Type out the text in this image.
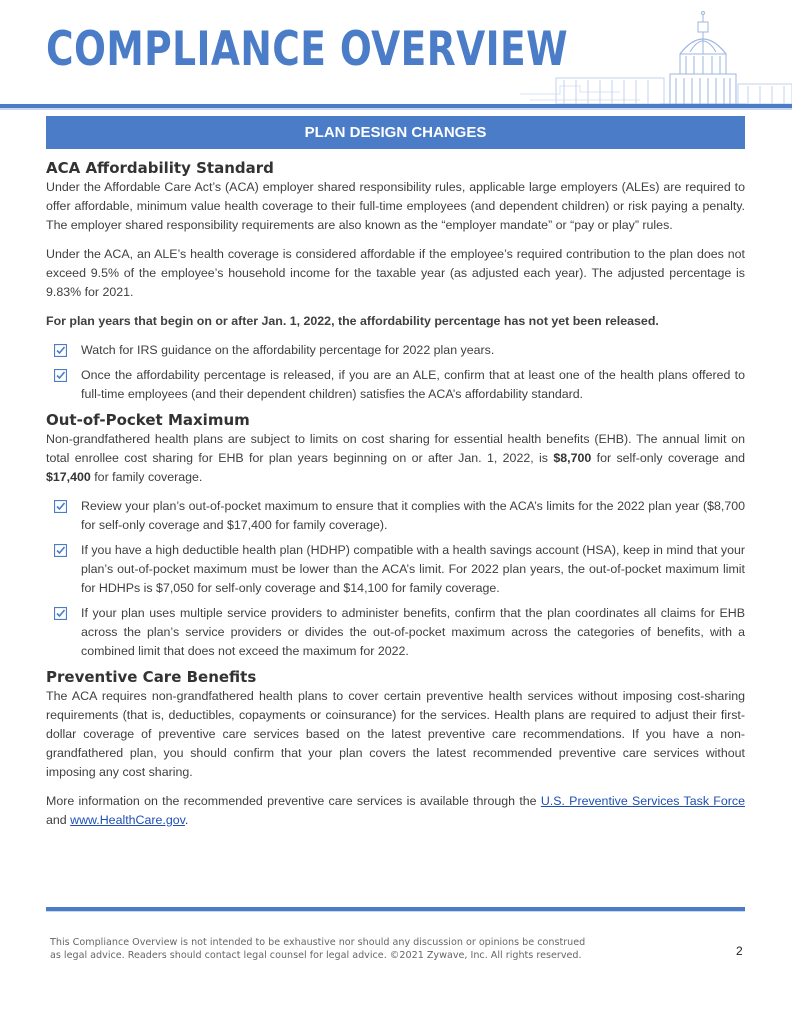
COMPLIANCE OVERVIEW
PLAN DESIGN CHANGES
ACA Affordability Standard

Under the Affordable Care Act’s (ACA) employer shared responsibility rules, applicable large employers (ALEs) are required to offer affordable, minimum value health coverage to their full-time employees (and dependent children) or risk paying a penalty. The employer shared responsibility requirements are also known as the “employer mandate” or “pay or play” rules.

Under the ACA, an ALE’s health coverage is considered affordable if the employee’s required contribution to the plan does not exceed 9.5% of the employee’s household income for the taxable year (as adjusted each year). The adjusted percentage is 9.83% for 2021.

For plan years that begin on or after Jan. 1, 2022, the affordability percentage has not yet been released.

Watch for IRS guidance on the affordability percentage for 2022 plan years.
Once the affordability percentage is released, if you are an ALE, confirm that at least one of the health plans offered to full-time employees (and their dependent children) satisfies the ACA’s affordability standard.
Out-of-Pocket Maximum

Non-grandfathered health plans are subject to limits on cost sharing for essential health benefits (EHB). The annual limit on total enrollee cost sharing for EHB for plan years beginning on or after Jan. 1, 2022, is $8,700 for self-only coverage and $17,400 for family coverage.

Review your plan’s out-of-pocket maximum to ensure that it complies with the ACA’s limits for the 2022 plan year ($8,700 for self-only coverage and $17,400 for family coverage).
If you have a high deductible health plan (HDHP) compatible with a health savings account (HSA), keep in mind that your plan’s out-of-pocket maximum must be lower than the ACA’s limit. For 2022 plan years, the out-of-pocket maximum limit for HDHPs is $7,050 for self-only coverage and $14,100 for family coverage.
If your plan uses multiple service providers to administer benefits, confirm that the plan coordinates all claims for EHB across the plan’s service providers or divides the out-of-pocket maximum across the categories of benefits, with a combined limit that does not exceed the maximum for 2022.
Preventive Care Benefits

The ACA requires non-grandfathered health plans to cover certain preventive health services without imposing cost-sharing requirements (that is, deductibles, copayments or coinsurance) for the services. Health plans are required to adjust their first-dollar coverage of preventive care services based on the latest preventive care recommendations. If you have a non-grandfathered plan, you should confirm that your plan covers the latest recommended preventive care services without imposing any cost sharing.

More information on the recommended preventive care services is available through the U.S. Preventive Services Task Force and www.HealthCare.gov.

This Compliance Overview is not intended to be exhaustive nor should any discussion or opinions be construed
as legal advice. Readers should contact legal counsel for legal advice. ©2021 Zywave, Inc. All rights reserved.	2
